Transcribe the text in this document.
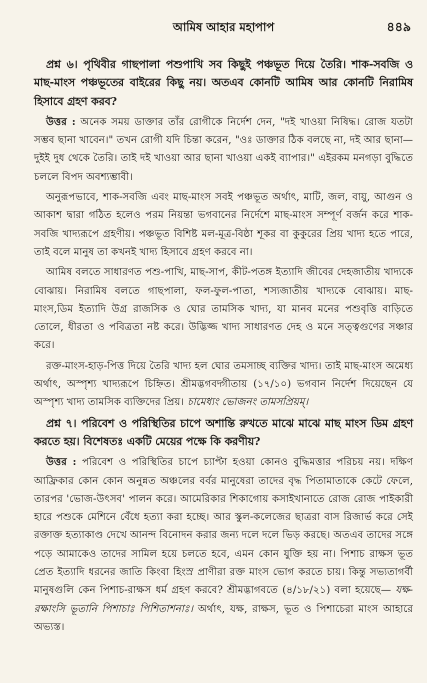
আমিষ আহার মহাপাপ	৪৪৯

প্রশ্ন ৬। পৃথিবীর গাছপালা পশুপাখি সব কিছুই পঞ্চভূত দিয়ে তৈরি। শাক-সবজি ও মাছ-মাংস পঞ্চভূতের বাইরের কিছু নয়। অতএব কোনটি আমিষ আর কোনটি নিরামিষ হিসাবে গ্রহণ করব?

উত্তর : অনেক সময় ডাক্তার তাঁর রোগীকে নির্দেশ দেন, "দই খাওয়া নিষিদ্ধ। রোজ যতটা সম্ভব ছানা খাবেন।" তখন রোগী যদি চিন্তা করেন, "ওঃ ডাক্তার ঠিক বলছে না, দই আর ছানা—দুইই দুধ থেকে তৈরি। তাই দই খাওয়া আর ছানা খাওয়া একই ব্যাপার।" এইরকম মনগড়া বুদ্ধিতে চললে বিপদ অবশ্যম্ভাবী।

অনুরূপভাবে, শাক-সবজি এবং মাছ-মাংস সবই পঞ্চভূত অর্থাৎ, মাটি, জল, বায়ু, আগুন ও আকাশ দ্বারা গঠিত হলেও পরম নিয়ন্তা ভগবানের নির্দেশে মাছ-মাংস সম্পূর্ণ বর্জন করে শাক-সবজি খাদ্যরূপে গ্রহণীয়। পঞ্চভূত বিশিষ্ট মল-মূত্র-বিষ্ঠা শূকর বা কুকুরের প্রিয় খাদ্য হতে পারে, তাই বলে মানুষ তা কখনই খাদ্য হিসাবে গ্রহণ করবে না।

আমিষ বলতে সাধারণত পশু-পাখি, মাছ-সাপ, কীট-পতঙ্গ ইত্যাদি জীবের দেহজাতীয় খাদ্যকে বোঝায়। নিরামিষ বলতে গাছপালা, ফল-ফুল-পাতা, শস্যজাতীয় খাদ্যকে বোঝায়। মাছ-মাংস,ডিম ইত্যাদি উগ্র রাজসিক ও ঘোর তামসিক খাদ্য, যা মানব মনের পশুবৃত্তি বাড়িতে তোলে, ধীরতা ও পবিত্রতা নষ্ট করে। উদ্ভিজ্জ খাদ্য সাধারণত দেহ ও মনে সত্ত্বগুণের সঞ্চার করে।

রক্ত-মাংস-হাড়-পিত্ত দিয়ে তৈরি খাদ্য হল ঘোর তমসাচ্ছ ব্যক্তির খাদ্য। তাই মাছ-মাংস অমেধ্য অর্থাৎ, অস্পৃশ্য খাদ্যরূপে চিহ্নিত। শ্রীমদ্ভগবদ্গীতায় (১৭/১০) ভগবান নির্দেশ দিয়েছেন যে অস্পৃশ্য খাদ্য তামসিক ব্যক্তিদের প্রিয়। চামেধ্যং ভোজনং তামসপ্রিয়ম্।

প্রশ্ন ৭। পরিবেশ ও পরিস্থিতির চাপে অশান্তি রুখতে মাঝে মাঝে মাছ মাংস ডিম গ্রহণ করতে হয়। বিশেষতঃ একটি মেয়ের পক্ষে কি করণীয়?

উত্তর : পরিবেশ ও পরিস্থিতির চাপে চ্যাপ্টা হওয়া কোনও বুদ্ধিমত্তার পরিচয় নয়। দক্ষিণ আফ্রিকার কোন কোন অনুন্নত অঞ্চলের বর্বর মানুষেরা তাদের বৃদ্ধ পিতামাতাকে কেটে ফেলে, তারপর 'ভোজ-উৎসব' পালন করে। আমেরিকার শিকাগোয় কসাইখানাতে রোজ রোজ পাইকারী হারে পশুকে মেশিনে বেঁধে হত্যা করা হচ্ছে। আর স্কুল-কলেজের ছাত্ররা বাস রিজার্ভ করে সেই রক্তাক্ত হত্যাকাণ্ড দেখে আনন্দ বিনোদন করার জন্য দলে দলে ভিড় করছে। অতএব তাদের সঙ্গে পড়ে আমাকেও তাদের সামিল হয়ে চলতে হবে, এমন কোন যুক্তি হয় না। পিশাচ রাক্ষস ভূত প্রেত ইত্যাদি ধরনের জাতি কিংবা হিংস্র প্রাণীরা রক্ত মাংস ভোগ করতে চায়। কিন্তু সভ্যতাগর্বী মানুষগুলি কেন পিশাচ-রাক্ষস ধর্ম গ্রহণ করবে? শ্রীমদ্ভাগবতে (৪/১৮/২১) বলা হয়েছে— যক্ষ-রক্ষাংসি ভূতানি পিশাচাঃ পিশিতাশনাঃ। অর্থাৎ, যক্ষ, রাক্ষস, ভূত ও পিশাচেরা মাংস আহারে অভ্যস্ত।
